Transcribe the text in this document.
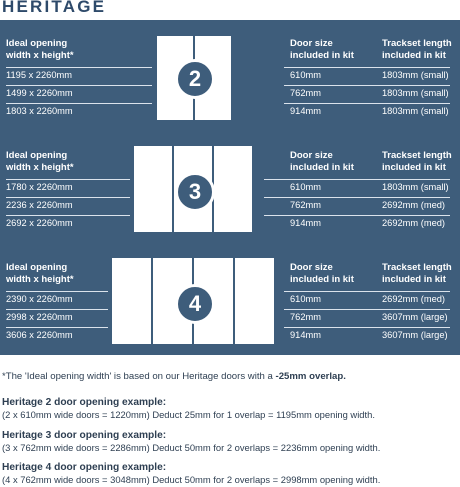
HERITAGE
Ideal opening
width x height*
Door size
included in kit
Trackset length
included in kit
2
1195 x 2260mm	610mm	1803mm (small)
1499 x 2260mm	762mm	1803mm (small)
1803 x 2260mm	914mm	1803mm (small)
Ideal opening
width x height*
Door size
included in kit
Trackset length
included in kit
3
1780 x 2260mm	610mm	1803mm (small)
2236 x 2260mm	762mm	2692mm (med)
2692 x 2260mm	914mm	2692mm (med)
Ideal opening
width x height*
Door size
included in kit
Trackset length
included in kit
4
2390 x 2260mm	610mm	2692mm (med)
2998 x 2260mm	762mm	3607mm (large)
3606 x 2260mm	914mm	3607mm (large)
*The 'Ideal opening width' is based on our Heritage doors with a -25mm overlap.
Heritage 2 door opening example:
(2 x 610mm wide doors = 1220mm) Deduct 25mm for 1 overlap = 1195mm opening width.
Heritage 3 door opening example:
(3 x 762mm wide doors = 2286mm) Deduct 50mm for 2 overlaps = 2236mm opening width.
Heritage 4 door opening example:
(4 x 762mm wide doors = 3048mm) Deduct 50mm for 2 overlaps = 2998mm opening width.
